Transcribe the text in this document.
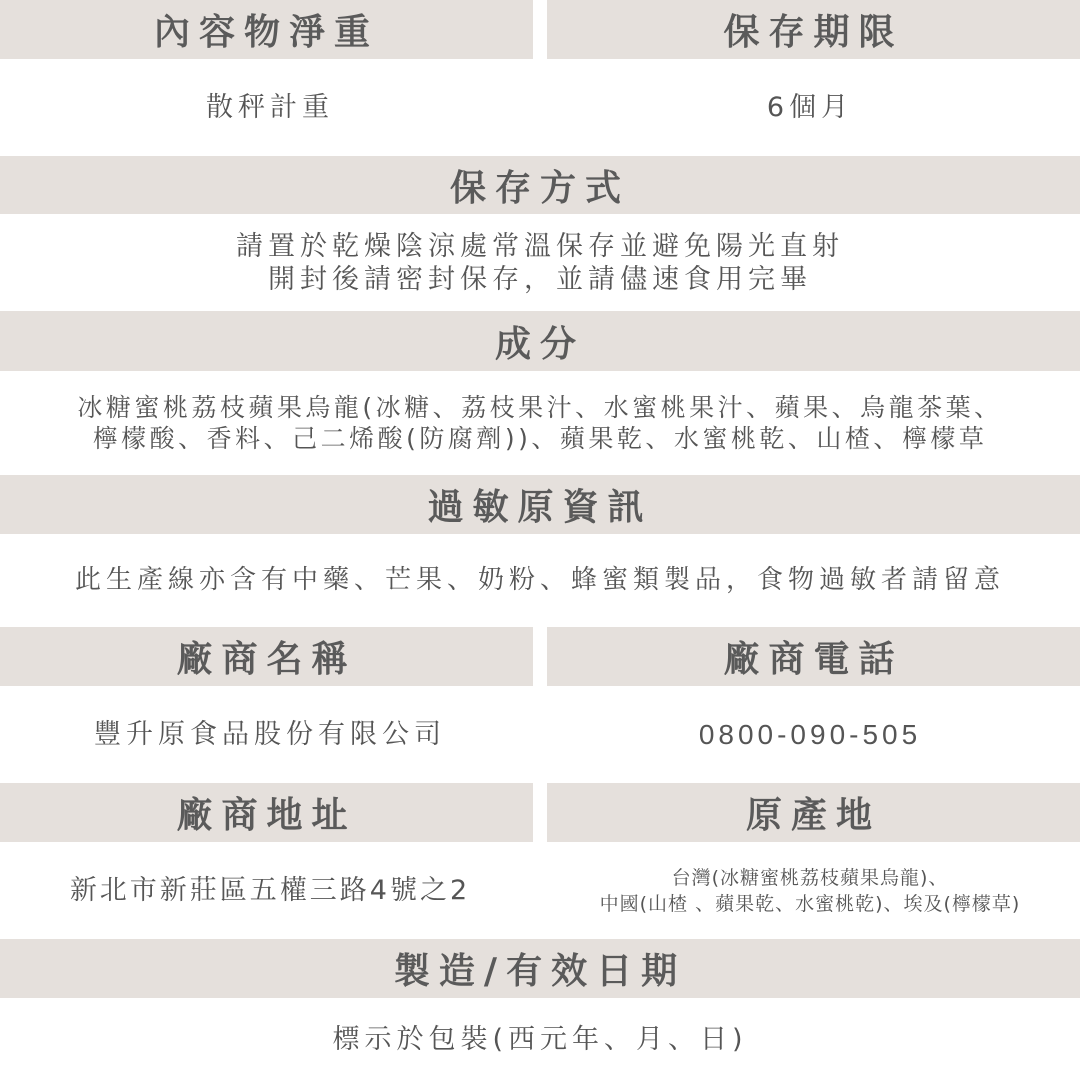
內容物淨重	保存期限
散秤計重	6個月
保存方式
請置於乾燥陰涼處常溫保存並避免陽光直射
開封後請密封保存，並請儘速食用完畢
成分
冰糖蜜桃荔枝蘋果烏龍(冰糖、荔枝果汁、水蜜桃果汁、蘋果、烏龍茶葉、
檸檬酸、香料、己二烯酸(防腐劑))、蘋果乾、水蜜桃乾、山楂、檸檬草
過敏原資訊
此生產線亦含有中藥、芒果、奶粉、蜂蜜類製品，食物過敏者請留意
廠商名稱	廠商電話
豐升原食品股份有限公司	0800-090-505
廠商地址	原產地
新北市新莊區五權三路4號之2	台灣(冰糖蜜桃荔枝蘋果烏龍)、
中國(山楂 、蘋果乾、水蜜桃乾)、埃及(檸檬草)
製造/有效日期
標示於包裝(西元年、月、日)
